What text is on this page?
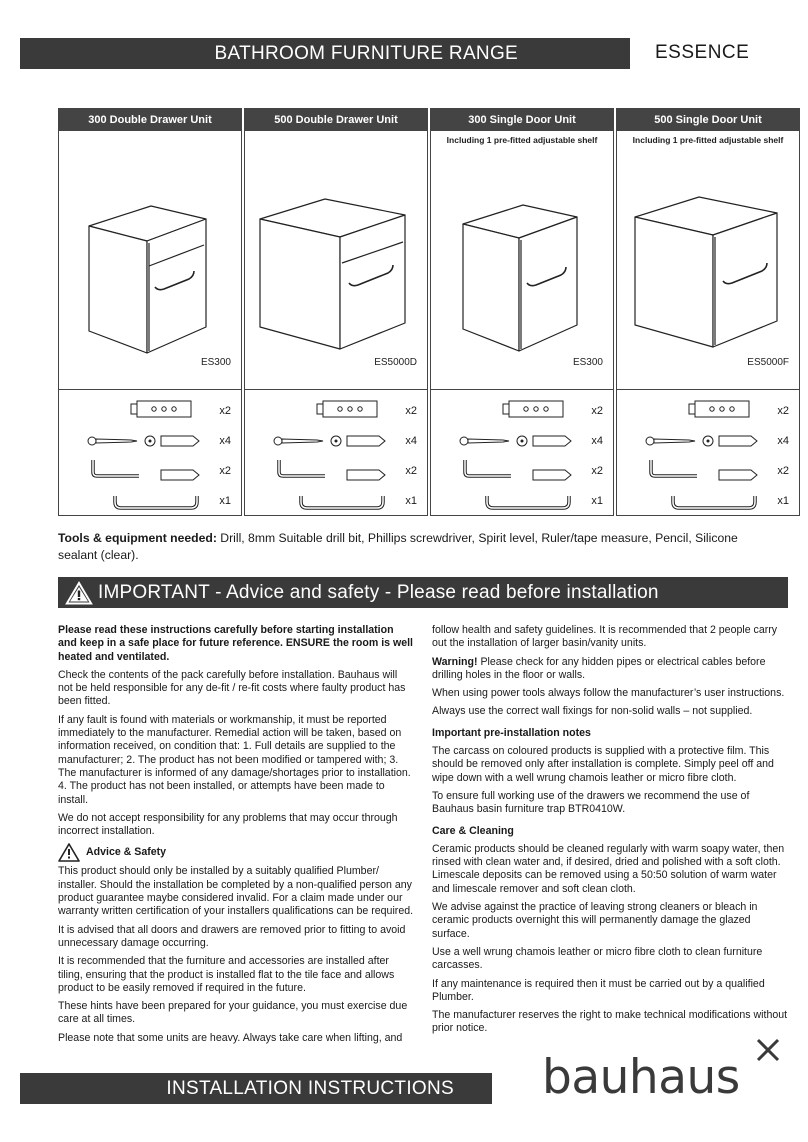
BATHROOM FURNITURE RANGE	ESSENCE
300 Double Drawer Unit
ES300
x2
x4
x2
x1
500 Double Drawer Unit
ES5000D
x2
x4
x2
x1
300 Single Door Unit
Including 1 pre-fitted adjustable shelf
ES300
x2
x4
x2
x1
500 Single Door Unit
Including 1 pre-fitted adjustable shelf
ES5000F
x2
x4
x2
x1
Tools & equipment needed: Drill, 8mm Suitable drill bit, Phillips screwdriver, Spirit level, Ruler/tape measure, Pencil, Silicone sealant (clear).
IMPORTANT - Advice and safety - Please read before installation

Please read these instructions carefully before starting installation and keep in a safe place for future reference. ENSURE the room is well heated and ventilated.

Check the contents of the pack carefully before installation. Bauhaus will not be held responsible for any de-fit / re-fit costs where faulty product has been fitted.

If any fault is found with materials or workmanship, it must be reported immediately to the manufacturer. Remedial action will be taken, based on information received, on condition that: 1. Full details are supplied to the manufacturer; 2. The product has not been modified or tampered with; 3. The manufacturer is informed of any damage/shortages prior to installation. 4. The product has not been installed, or attempts have been made to install.

We do not accept responsibility for any problems that may occur through incorrect installation.

Advice & Safety

This product should only be installed by a suitably qualified Plumber/ installer. Should the installation be completed by a non-qualified person any product guarantee maybe considered invalid. For a claim made under our warranty written certification of your installers qualifications can be required.

It is advised that all doors and drawers are removed prior to fitting to avoid unnecessary damage occurring.

It is recommended that the furniture and accessories are installed after tiling, ensuring that the product is installed flat to the tile face and allows product to be easily removed if required in the future.

These hints have been prepared for your guidance, you must exercise due care at all times.

Please note that some units are heavy. Always take care when lifting, and

follow health and safety guidelines. It is recommended that 2 people carry out the installation of larger basin/vanity units.

Warning! Please check for any hidden pipes or electrical cables before drilling holes in the floor or walls.

When using power tools always follow the manufacturer’s user instructions.

Always use the correct wall fixings for non-solid walls – not supplied.

Important pre-installation notes

The carcass on coloured products is supplied with a protective film. This should be removed only after installation is complete. Simply peel off and wipe down with a well wrung chamois leather or micro fibre cloth.

To ensure full working use of the drawers we recommend the use of Bauhaus basin furniture trap BTR0410W.

Care & Cleaning

Ceramic products should be cleaned regularly with warm soapy water, then rinsed with clean water and, if desired, dried and polished with a soft cloth. Limescale deposits can be removed using a 50:50 solution of warm water and limescale remover and soft clean cloth.

We advise against the practice of leaving strong cleaners or bleach in ceramic products overnight this will permanently damage the glazed surface.

Use a well wrung chamois leather or micro fibre cloth to clean furniture carcasses.

If any maintenance is required then it must be carried out by a qualified Plumber.

The manufacturer reserves the right to make technical modifications without prior notice.

INSTALLATION INSTRUCTIONS bauhaus
